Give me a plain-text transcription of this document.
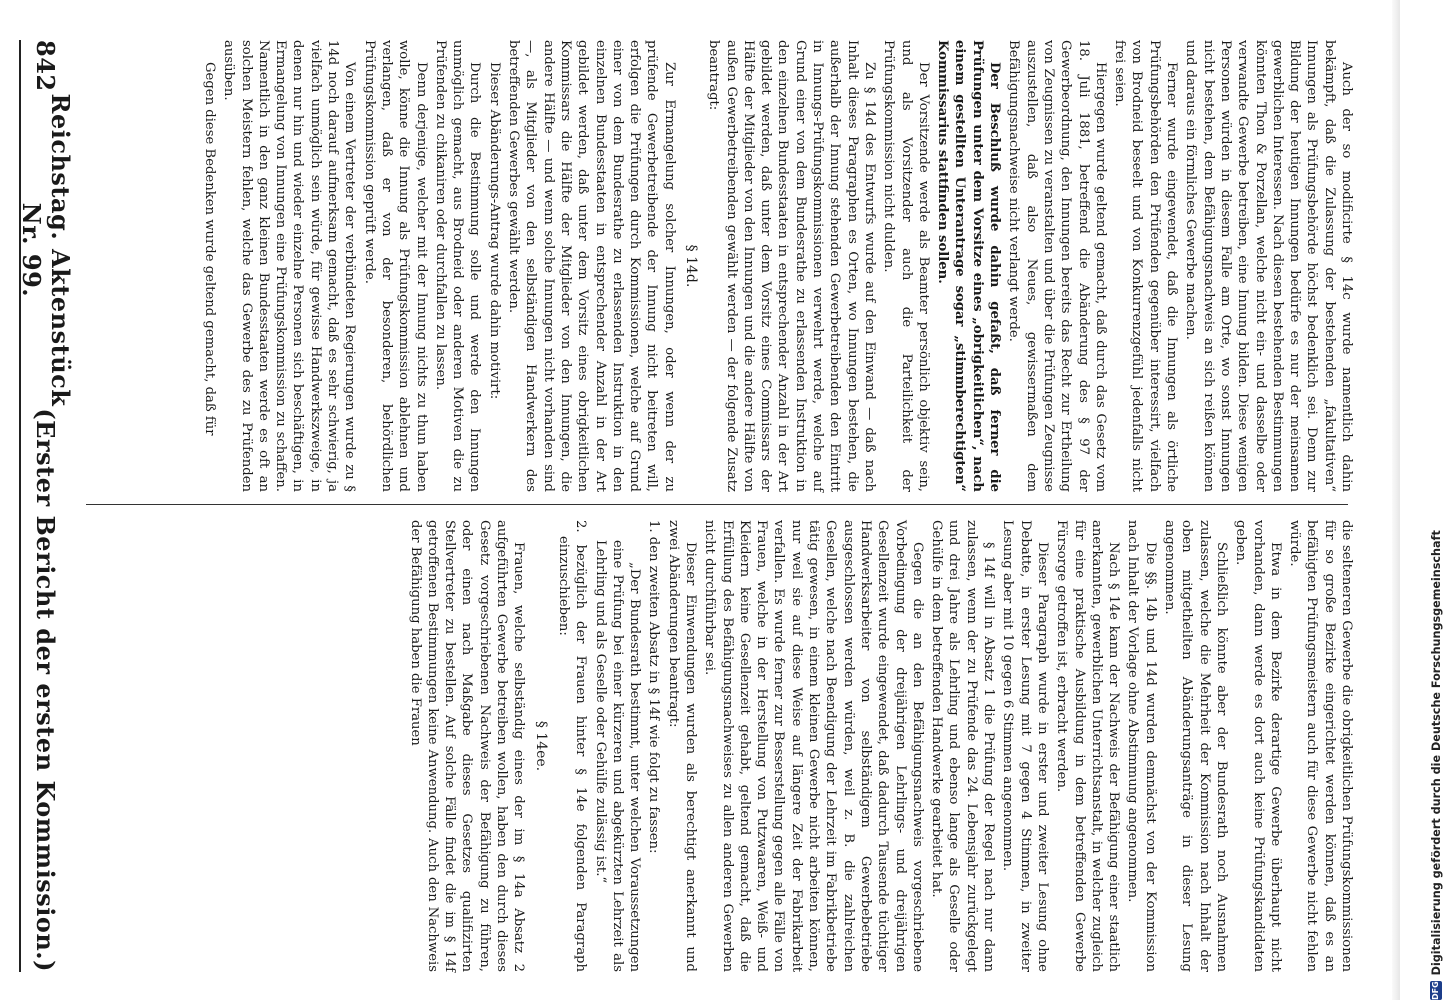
842
Reichstag. Aktenstück Nr. 99.
(Erster Bericht der ersten Kommission.)

Auch der so modificirte § 14c wurde namentlich dahin bekämpft, daß die Zulassung der bestehenden „fakultativen“ Innungen als Prüfungsbehörde höchst bedenklich sei. Denn zur Bildung der heutigen Innungen bedürfe es nur der meinsamen gewerblichen Interessen. Nach diesen bestehenden Bestimmungen könnten Thon & Porzellan, welche nicht ein- und dasselbe oder verwandte Gewerbe betreiben, eine Innung bilden. Diese wenigen Personen würden in diesem Falle am Orte, wo sonst Innungen nicht bestehen, dem Befähigungsnachweis an sich reißen können und daraus ein förmliches Gewerbe machen.

Ferner wurde eingewendet, daß die Innungen als örtliche Prüfungsbehörden den Prüfenden gegenüber interessirt, vielfach von Brodneid beseelt und von Konkurrenzgefühl jedenfalls nicht frei seien.

Hiergegen wurde geltend gemacht, daß durch das Gesetz vom 18. Juli 1881, betreffend die Abänderung des § 97 der Gewerbeordnung, den Innungen bereits das Recht zur Ertheilung von Zeugnissen zu veranstalten und über die Prüfungen Zeugnisse auszustellen, daß also Neues, gewissermaßen dem Befähigungsnachweise nicht verlangt werde.

Der Beschluß wurde dahin gefaßt, daß ferner die Prüfungen unter dem Vorsitze eines „obrigkeitlichen“, nach einem gestellten Unterantrage sogar „stimmberechtigten“ Kommissarius stattfinden sollen.

Der Vorsitzende werde als Beamter persönlich objektiv sein, und als Vorsitzender auch die Parteilichkeit der Prüfungskommission nicht dulden.

Zu § 14d des Entwurfs wurde auf den Einwand — daß nach Inhalt dieses Paragraphen es Orten, wo Innungen bestehen, die außerhalb der Innung stehenden Gewerbetreibenden den Eintritt in Innungs-Prüfungskommissionen verwehrt werde, welche auf Grund einer von dem Bundesrathe zu erlassenden Instruktion in den einzelnen Bundesstaaten in entsprechender Anzahl in der Art gebildet werden, daß unter dem Vorsitz eines Commissars der Hälfte der Mitglieder von den Innungen und die andere Hälfte von außen Gewerbetreibenden gewählt werden — der folgende Zusatz beantragt:

§ 14d.

Zur Ermangelung solcher Innungen, oder wenn der zu prüfende Gewerbetreibende der Innung nicht beitreten will, erfolgen die Prüfungen durch Kommissionen, welche auf Grund einer von dem Bundesrathe zu erlassenden Instruktion in den einzelnen Bundesstaaten in entsprechender Anzahl in der Art gebildet werden, daß unter dem Vorsitz eines obrigkeitlichen Kommissars die Hälfte der Mitglieder von den Innungen, die andere Hälfte — und wenn solche Innungen nicht vorhanden sind —, als Mitglieder von den selbständigen Handwerkern des betreffenden Gewerbes gewählt werden.

Dieser Abänderungs-Antrag wurde dahin motivirt:

Durch die Bestimmung solle und werde den Innungen unmöglich gemacht, aus Brodneid oder anderen Motiven die zu Prüfenden zu chikaniren oder durchfallen zu lassen.

Denn derjenige, welcher mit der Innung nichts zu thun haben wolle, könne die Innung als Prüfungskommission ablehnen und verlangen, daß er von der besonderen, behördlichen Prüfungskommission geprüft werde.

Von einem Vertreter der verbündeten Regierungen wurde zu § 14d noch darauf aufmerksam gemacht, daß es sehr schwierig, ja vielfach unmöglich sein würde, für gewisse Handwerkszweige, in denen nur hin und wieder einzelne Personen sich beschäftigen, in Ermangelung von Innungen eine Prüfungskommission zu schaffen. Namentlich in den ganz kleinen Bundesstaaten werde es oft an solchen Meistern fehlen, welche das Gewerbe des zu Prüfenden ausüben.

Gegen diese Bedenken wurde geltend gemacht, daß für

die selteneren Gewerbe die obrigkeitlichen Prüfungskommissionen für so große Bezirke eingerichtet werden können, daß es an befähigten Prüfungsmeistern auch für diese Gewerbe nicht fehlen würde.

Etwa in dem Bezirke derartige Gewerbe überhaupt nicht vorhanden, dann werde es dort auch keine Prüfungskandidaten geben.

Schließlich könnte aber der Bundesrath noch Ausnahmen zulassen, welche die Mehrheit der Kommission nach Inhalt der oben mitgetheilten Abänderungsanträge in dieser Lesung angenommen.

Die §§. 14b und 14d wurden demnächst von der Kommission nach Inhalt der Vorlage ohne Abstimmung angenommen.

Nach § 14e kann der Nachweis der Befähigung einer staatlich anerkannten, gewerblichen Unterrichtsanstalt, in welcher zugleich für eine praktische Ausbildung in dem betreffenden Gewerbe Fürsorge getroffen ist, erbracht werden.

Dieser Paragraph wurde in erster und zweiter Lesung ohne Debatte, in erster Lesung mit 7 gegen 4 Stimmen, in zweiter Lesung aber mit 10 gegen 6 Stimmen angenommen.

§ 14f will in Absatz 1 die Prüfung der Regel nach nur dann zulassen, wenn der zu Prüfende das 24. Lebensjahr zurückgelegt und drei Jahre als Lehrling und ebenso lange als Geselle oder Gehülfe in dem betreffenden Handwerke gearbeitet hat.

Gegen die an den Befähigungsnachweis vorgeschriebene Vorbedingung der dreijährigen Lehrlings- und dreijährigen Gesellenzeit wurde eingewendet, daß dadurch Tausende tüchtiger Handwerksarbeiter von selbständigem Gewerbebetriebe ausgeschlossen werden würden, weil z. B. die zahlreichen Gesellen, welche nach Beendigung der Lehrzeit im Fabrikbetriebe tätig gewesen, in einem kleinen Gewerbe nicht arbeiten können, nur weil sie auf diese Weise auf längere Zeit der Fabrikarbeit verfallen. Es wurde ferner zur Besserstellung gegen alle Fälle von Frauen, welche in der Herstellung von Putzwaaren, Weiß- und Kleidern keine Gesellenzeit gehabt, geltend gemacht, daß die Erfüllung des Befähigungsnachweises zu allen anderen Gewerben nicht durchführbar sei.

Dieser Einwendungen wurden als berechtigt anerkannt und zwei Abänderungen beantragt:

1. den zweiten Absatz in § 14f wie folgt zu fassen:

„Der Bundesrath bestimmt, unter welchen Voraussetzungen eine Prüfung bei einer kürzeren und abgekürzten Lehrzeit als Lehrling und als Geselle oder Gehülfe zulässig ist.“

2. bezüglich der Frauen hinter § 14e folgenden Paragraph einzuschieben:

§ 14ee.

Frauen, welche selbständig eines der im § 14a Absatz 2 aufgeführten Gewerbe betreiben wollen, haben den durch dieses Gesetz vorgeschriebenen Nachweis der Befähigung zu führen, oder einen nach Maßgabe dieses Gesetzes qualifizirten Stellvertreter zu bestellen. Auf solche Fälle findet die im § 14f getroffenen Bestimmungen keine Anwendung. Auch den Nachweis der Befähigung haben die Frauen

DFG
Digitalisierung gefördert durch die Deutsche Forschungsgemeinschaft
